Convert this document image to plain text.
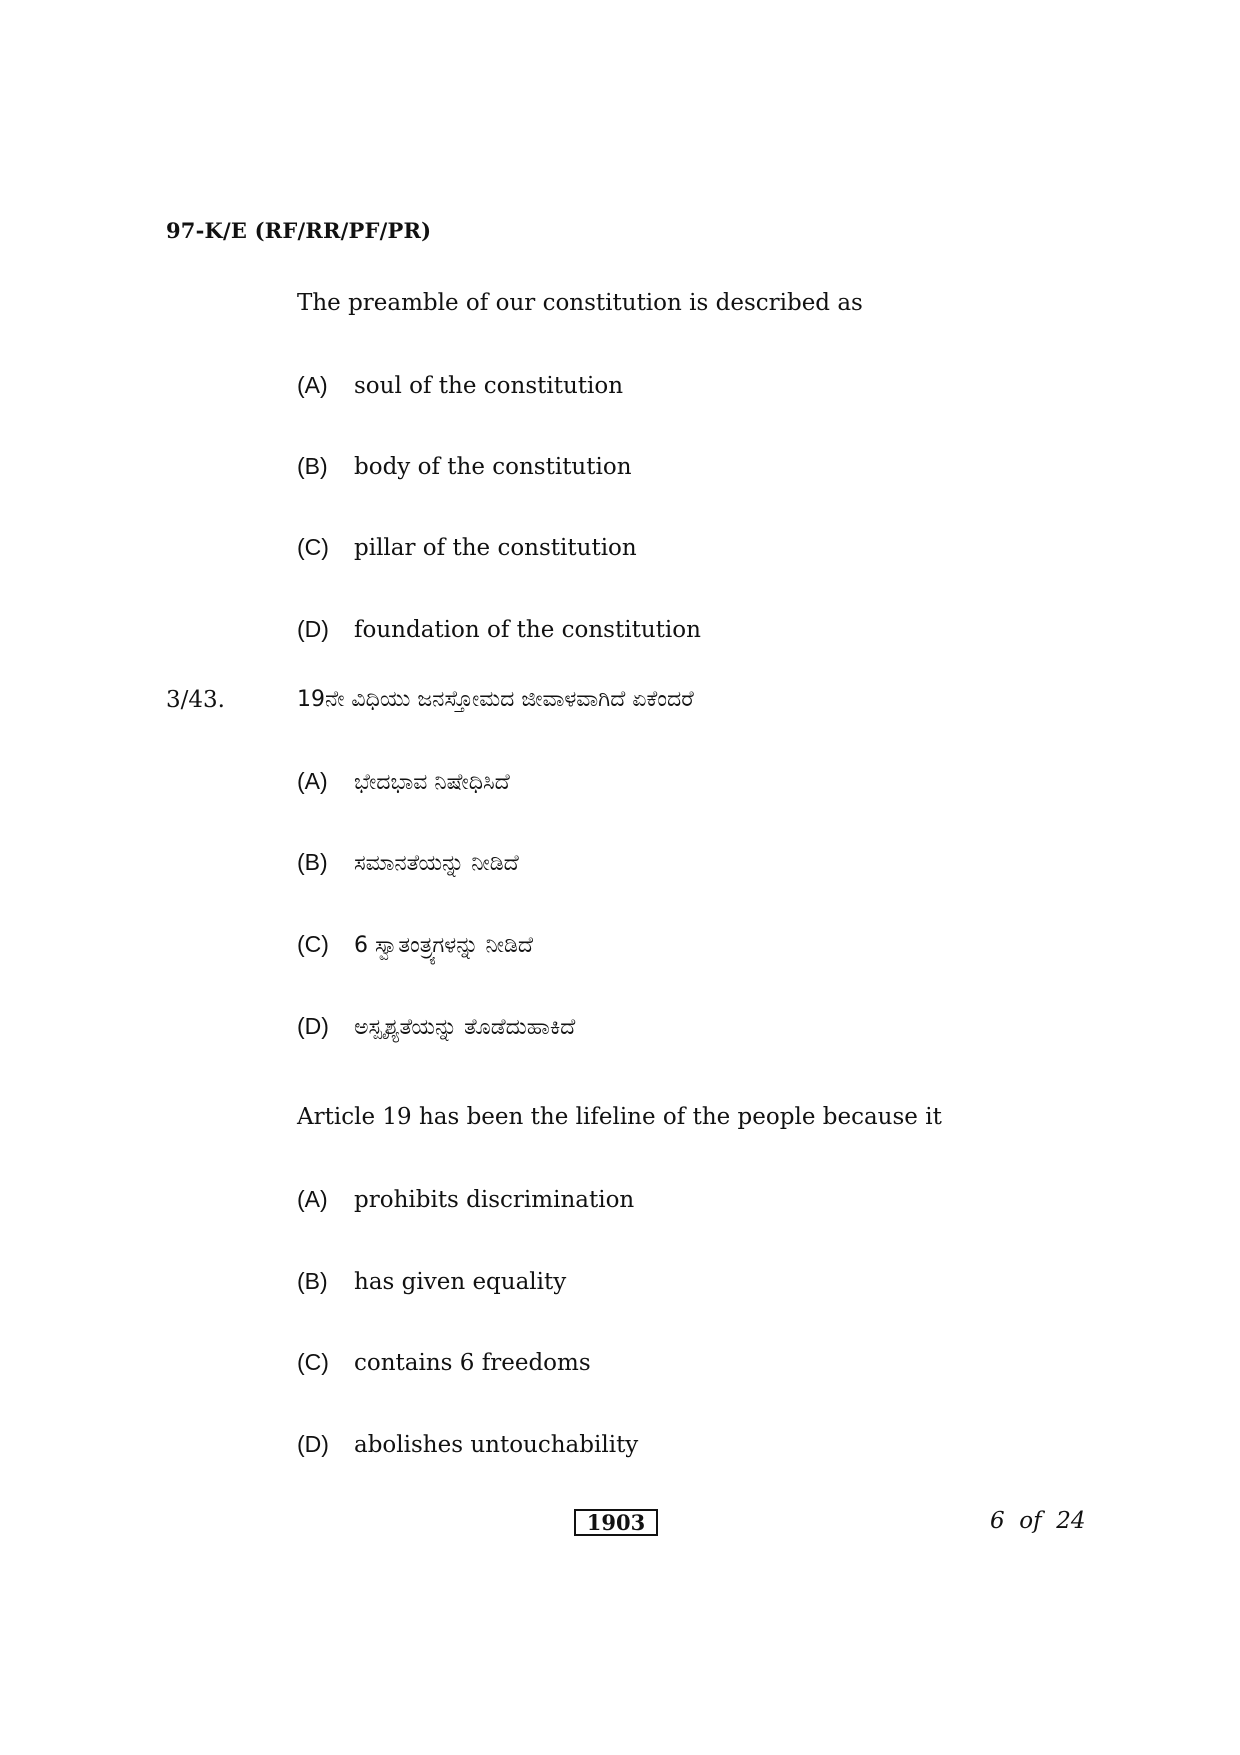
97-K/E (RF/RR/PF/PR)
The preamble of our constitution is described as
(A) soul of the constitution
(B) body of the constitution
(C) pillar of the constitution
(D) foundation of the constitution
3/43.	19ನೇ ವಿಧಿಯು ಜನಸ್ತೋಮದ ಜೀವಾಳವಾಗಿದೆ ಏಕೆಂದರೆ
(A) ಭೇದಭಾವ ನಿಷೇಧಿಸಿದೆ
(B) ಸಮಾನತೆಯನ್ನು ನೀಡಿದೆ
(C) 6 ಸ್ವಾತಂತ್ರ್ಯಗಳನ್ನು ನೀಡಿದೆ
(D) ಅಸ್ಪೃಶ್ಯತೆಯನ್ನು ತೊಡೆದುಹಾಕಿದೆ
Article 19 has been the lifeline of the people because it
(A) prohibits discrimination
(B) has given equality
(C) contains 6 freedoms
(D) abolishes untouchability
1903	6  of  24
